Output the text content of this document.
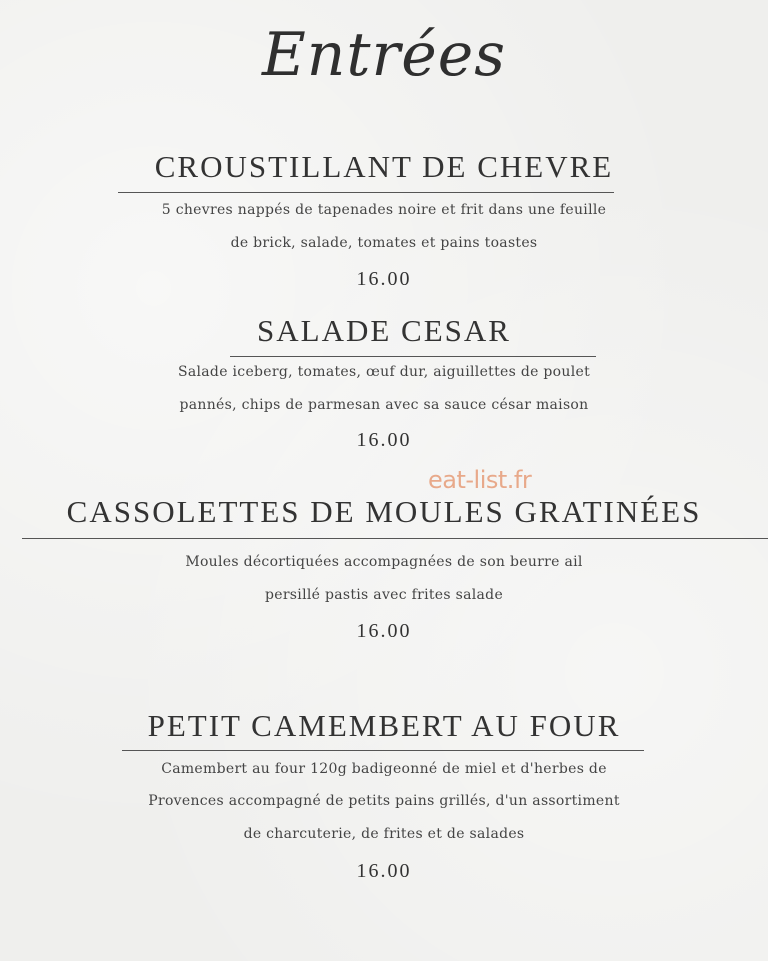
Entrées
CROUSTILLANT DE CHEVRE
5 chevres nappés de tapenades noire et frit dans une feuille
de brick, salade, tomates et pains toastes
16.00
SALADE CESAR
Salade iceberg, tomates, œuf dur, aiguillettes de poulet
pannés, chips de parmesan avec sa sauce césar maison
16.00
eat-list.fr
CASSOLETTES DE MOULES GRATINÉES
Moules décortiquées accompagnées de son beurre ail
persillé pastis avec frites salade
16.00
PETIT CAMEMBERT AU FOUR
Camembert au four 120g badigeonné de miel et d'herbes de
Provences accompagné de petits pains grillés, d'un assortiment
de charcuterie, de frites et de salades
16.00
